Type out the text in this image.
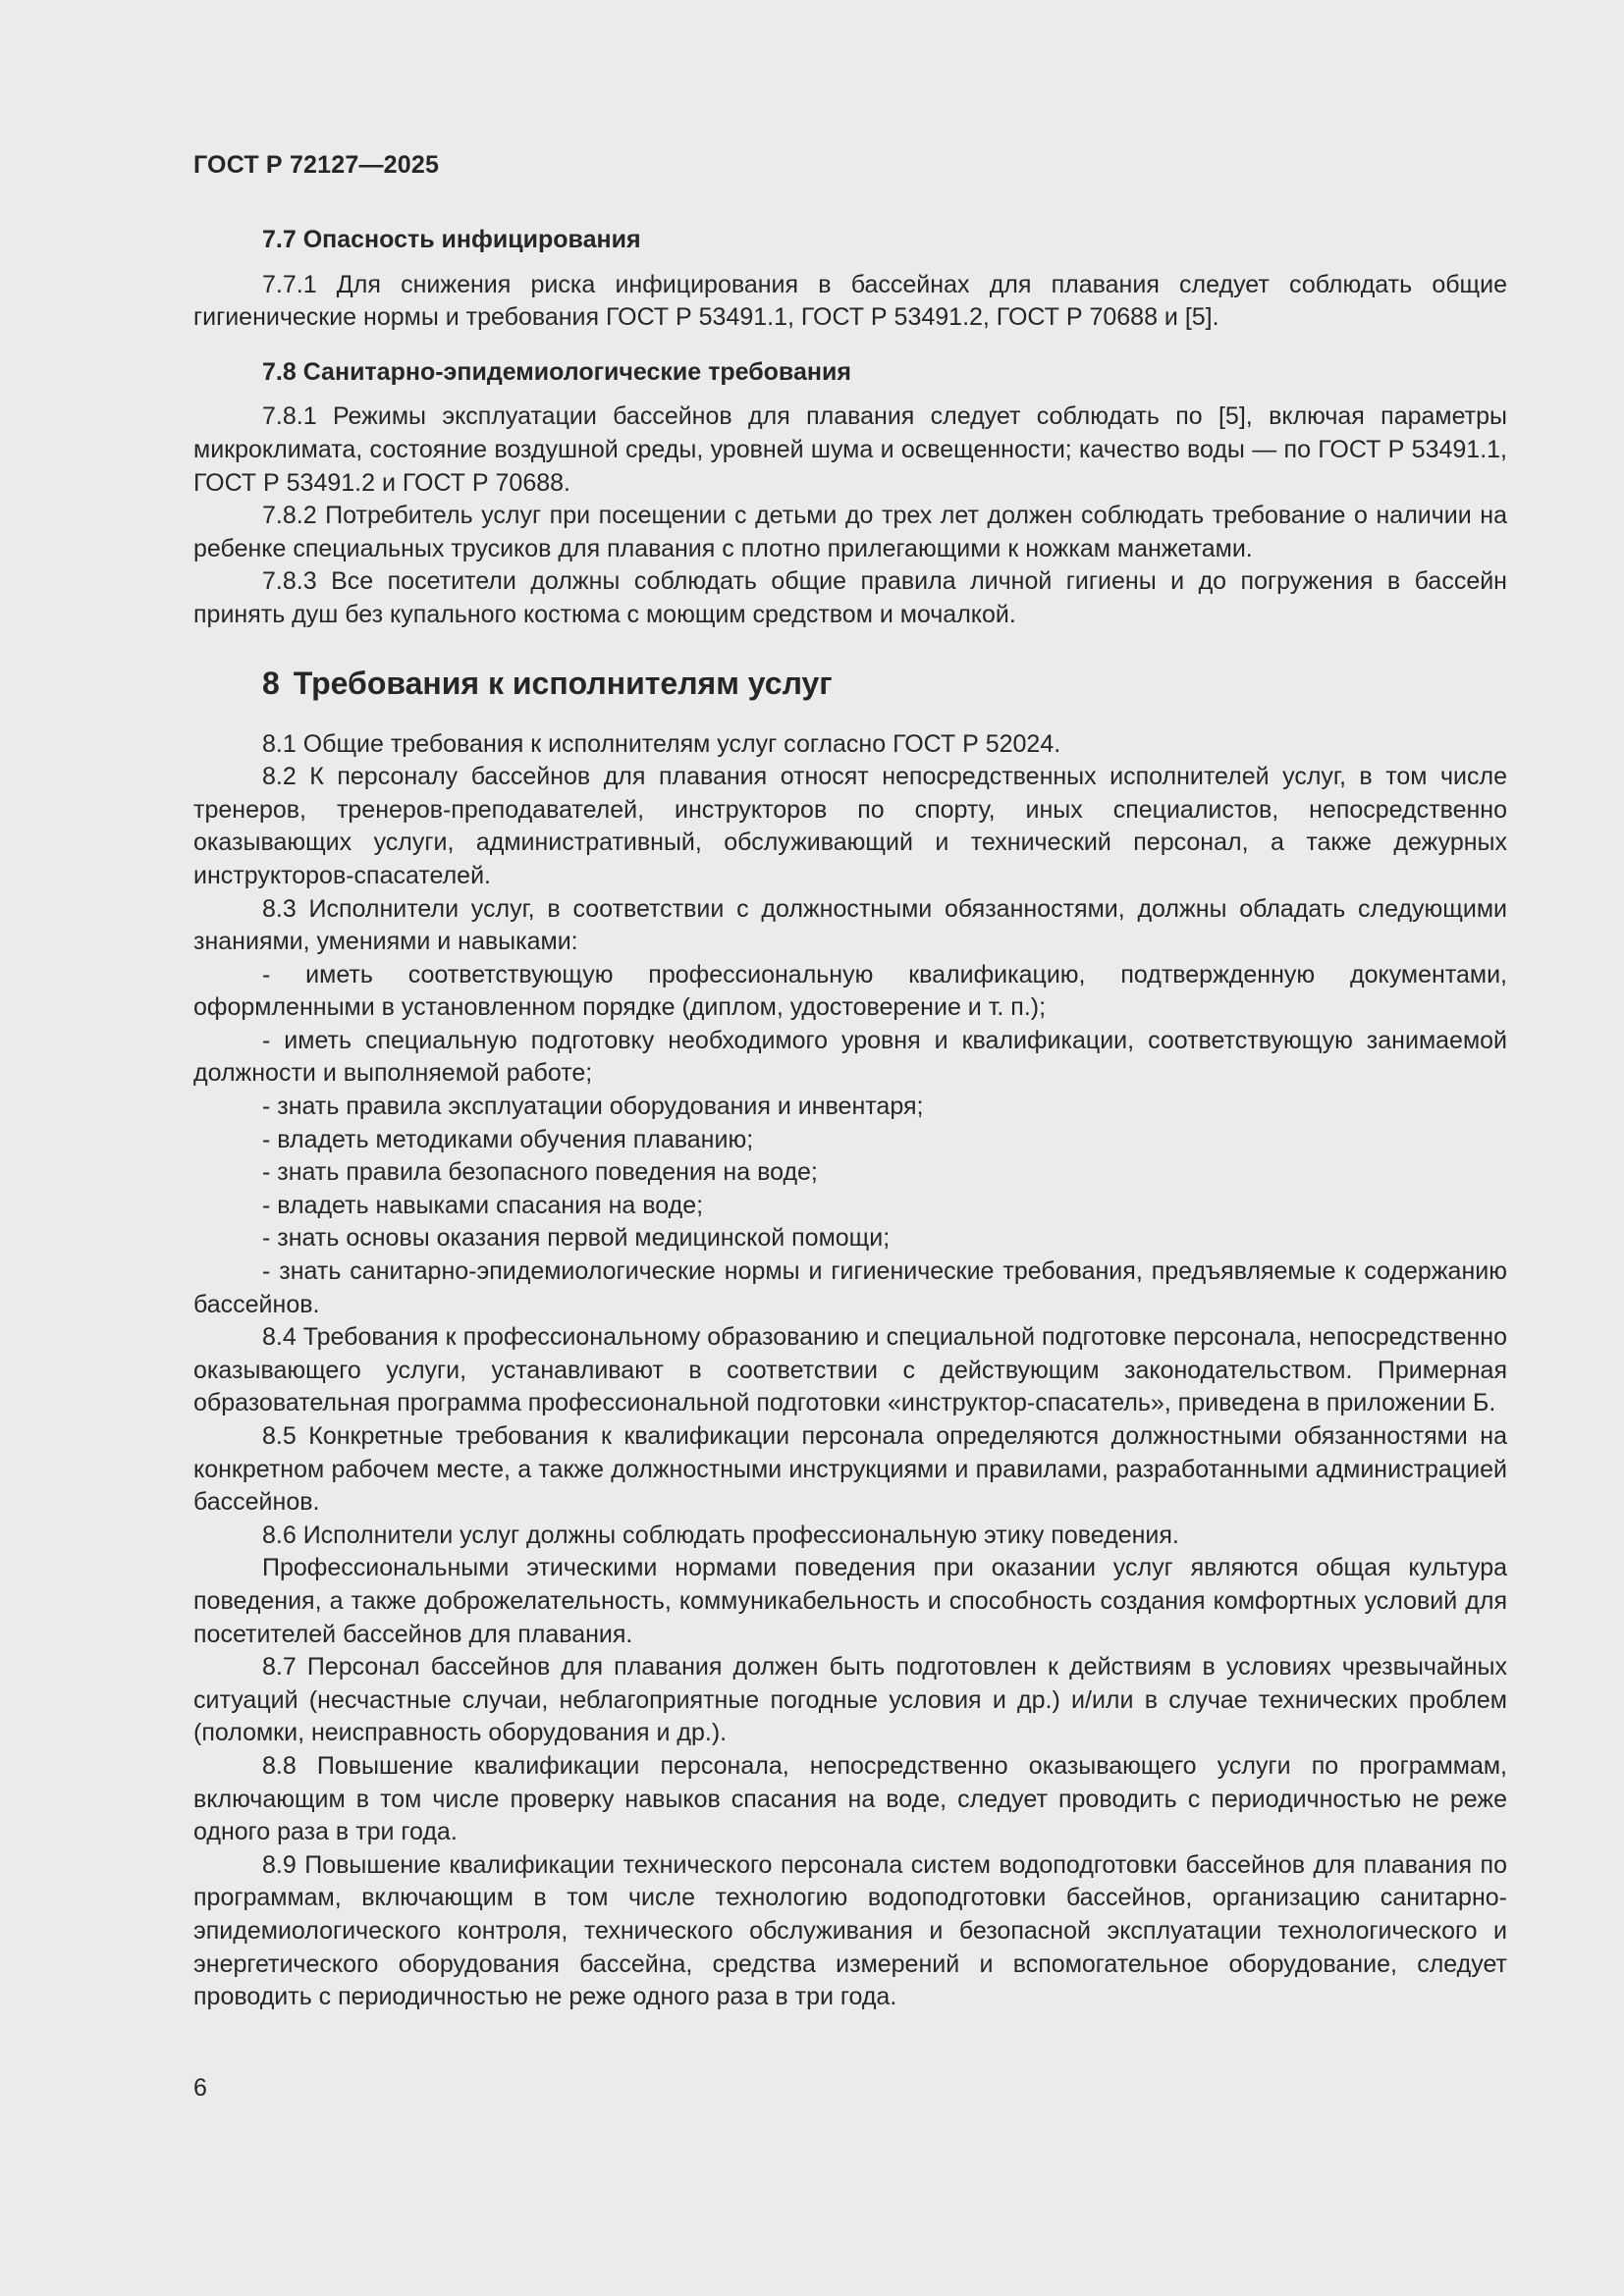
ГОСТ Р 72127—2025

7.7 Опасность инфицирования

7.7.1 Для снижения риска инфицирования в бассейнах для плавания следует соблюдать общие гигиенические нормы и требования ГОСТ Р 53491.1, ГОСТ Р 53491.2, ГОСТ Р 70688 и [5].

7.8 Санитарно-эпидемиологические требования

7.8.1 Режимы эксплуатации бассейнов для плавания следует соблюдать по [5], включая параметры микроклимата, состояние воздушной среды, уровней шума и освещенности; качество воды — по ГОСТ Р 53491.1, ГОСТ Р 53491.2 и ГОСТ Р 70688.

7.8.2 Потребитель услуг при посещении с детьми до трех лет должен соблюдать требование о наличии на ребенке специальных трусиков для плавания с плотно прилегающими к ножкам манжетами.

7.8.3 Все посетители должны соблюдать общие правила личной гигиены и до погружения в бассейн принять душ без купального костюма с моющим средством и мочалкой.

8 Требования к исполнителям услуг

8.1 Общие требования к исполнителям услуг согласно ГОСТ Р 52024.

8.2 К персоналу бассейнов для плавания относят непосредственных исполнителей услуг, в том числе тренеров, тренеров-преподавателей, инструкторов по спорту, иных специалистов, непосредственно оказывающих услуги, административный, обслуживающий и технический персонал, а также дежурных инструкторов-спасателей.

8.3 Исполнители услуг, в соответствии с должностными обязанностями, должны обладать следующими знаниями, умениями и навыками:

- иметь соответствующую профессиональную квалификацию, подтвержденную документами, оформленными в установленном порядке (диплом, удостоверение и т. п.);

- иметь специальную подготовку необходимого уровня и квалификации, соответствующую занимаемой должности и выполняемой работе;

- знать правила эксплуатации оборудования и инвентаря;

- владеть методиками обучения плаванию;

- знать правила безопасного поведения на воде;

- владеть навыками спасания на воде;

- знать основы оказания первой медицинской помощи;

- знать санитарно-эпидемиологические нормы и гигиенические требования, предъявляемые к содержанию бассейнов.

8.4 Требования к профессиональному образованию и специальной подготовке персонала, непосредственно оказывающего услуги, устанавливают в соответствии с действующим законодательством. Примерная образовательная программа профессиональной подготовки «инструктор-спасатель», приведена в приложении Б.

8.5 Конкретные требования к квалификации персонала определяются должностными обязанностями на конкретном рабочем месте, а также должностными инструкциями и правилами, разработанными администрацией бассейнов.

8.6 Исполнители услуг должны соблюдать профессиональную этику поведения.

Профессиональными этическими нормами поведения при оказании услуг являются общая культура поведения, а также доброжелательность, коммуникабельность и способность создания комфортных условий для посетителей бассейнов для плавания.

8.7 Персонал бассейнов для плавания должен быть подготовлен к действиям в условиях чрезвычайных ситуаций (несчастные случаи, неблагоприятные погодные условия и др.) и/или в случае технических проблем (поломки, неисправность оборудования и др.).

8.8 Повышение квалификации персонала, непосредственно оказывающего услуги по программам, включающим в том числе проверку навыков спасания на воде, следует проводить с периодичностью не реже одного раза в три года.

8.9 Повышение квалификации технического персонала систем водоподготовки бассейнов для плавания по программам, включающим в том числе технологию водоподготовки бассейнов, организацию санитарно-эпидемиологического контроля, технического обслуживания и безопасной эксплуатации технологического и энергетического оборудования бассейна, средства измерений и вспомогательное оборудование, следует проводить с периодичностью не реже одного раза в три года.

6
